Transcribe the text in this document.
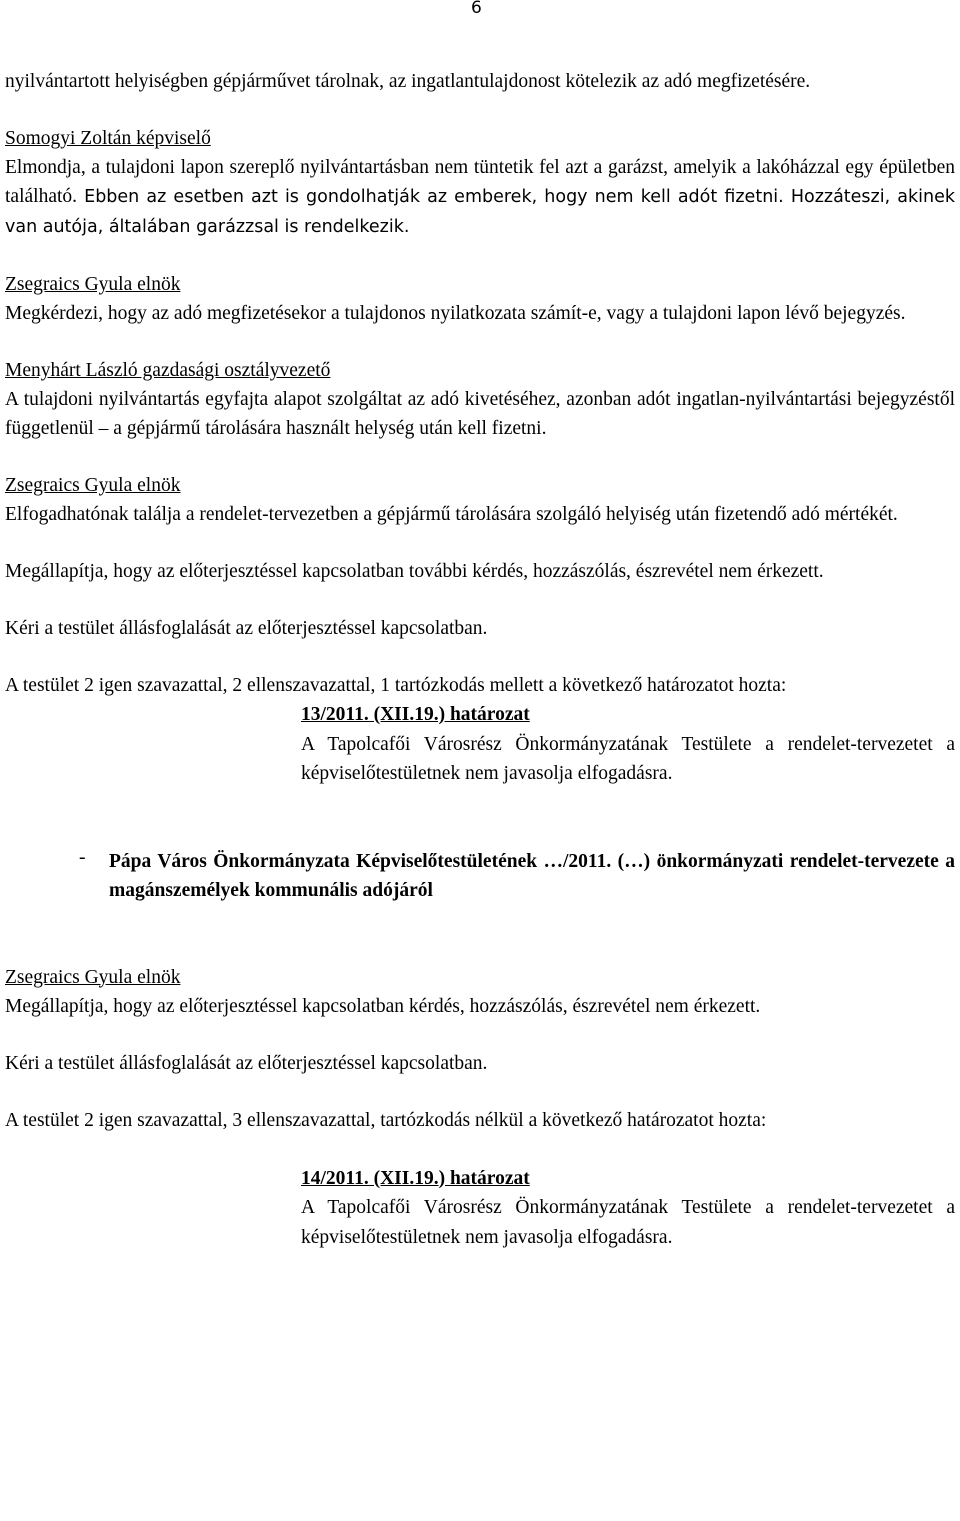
6

nyilvántartott helyiségben gépjárművet tárolnak, az ingatlantulajdonost kötelezik az adó megfizetésére.

Somogyi Zoltán képviselő

Elmondja, a tulajdoni lapon szereplő nyilvántartásban nem tüntetik fel azt a garázst, amelyik a lakóházzal egy épületben található. Ebben az esetben azt is gondolhatják az emberek, hogy nem kell adót fizetni. Hozzáteszi, akinek van autója, általában garázzsal is rendelkezik.

Zsegraics Gyula elnök

Megkérdezi, hogy az adó megfizetésekor a tulajdonos nyilatkozata számít-e, vagy a tulajdoni lapon lévő bejegyzés.

Menyhárt László gazdasági osztályvezető

A tulajdoni nyilvántartás egyfajta alapot szolgáltat az adó kivetéséhez, azonban adót ingatlan-nyilvántartási bejegyzéstől függetlenül – a gépjármű tárolására használt helység után kell fizetni.

Zsegraics Gyula elnök

Elfogadhatónak találja a rendelet-tervezetben a gépjármű tárolására szolgáló helyiség után fizetendő adó mértékét.

Megállapítja, hogy az előterjesztéssel kapcsolatban további kérdés, hozzászólás, észrevétel nem érkezett.

Kéri a testület állásfoglalását az előterjesztéssel kapcsolatban.

A testület 2 igen szavazattal, 2 ellenszavazattal, 1 tartózkodás mellett a következő határozatot hozta:

13/2011. (XII.19.) határozat

A Tapolcafői Városrész Önkormányzatának Testülete a rendelet-tervezetet a képviselőtestületnek nem javasolja elfogadásra.

-	Pápa Város Önkormányzata Képviselőtestületének …/2011. (…) önkormányzati rendelet-tervezete a magánszemélyek kommunális adójáról

Zsegraics Gyula elnök

Megállapítja, hogy az előterjesztéssel kapcsolatban kérdés, hozzászólás, észrevétel nem érkezett.

Kéri a testület állásfoglalását az előterjesztéssel kapcsolatban.

A testület 2 igen szavazattal, 3 ellenszavazattal, tartózkodás nélkül a következő határozatot hozta:

14/2011. (XII.19.) határozat

A Tapolcafői Városrész Önkormányzatának Testülete a rendelet-tervezetet a képviselőtestületnek nem javasolja elfogadásra.
